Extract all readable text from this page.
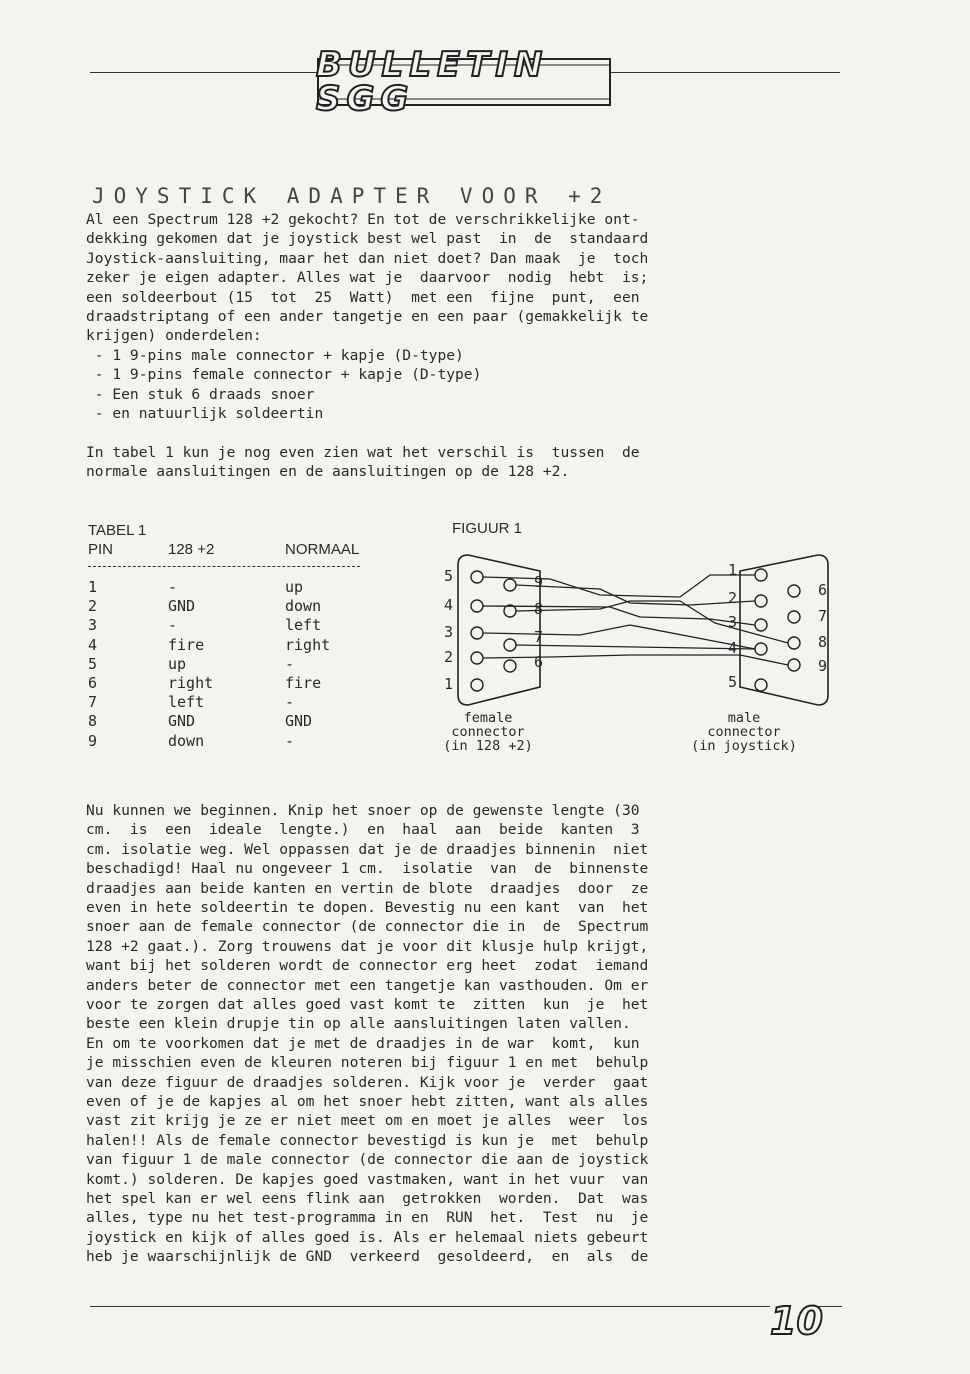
BULLETIN SGG
JOYSTICK ADAPTER VOOR +2

Al een Spectrum 128 +2 gekocht? En tot de verschrikkelijke ont-

dekking gekomen dat je joystick best wel past  in  de  standaard

Joystick-aansluiting, maar het dan niet doet? Dan maak  je  toch

zeker je eigen adapter. Alles wat je  daarvoor  nodig  hebt  is;

een soldeerbout (15  tot  25  Watt)  met een  fijne  punt,  een

draadstriptang of een ander tangetje en een paar (gemakkelijk te

krijgen) onderdelen:

- 1 9-pins male connector + kapje (D-type)

- 1 9-pins female connector + kapje (D-type)

- Een stuk 6 draads snoer

- en natuurlijk soldeertin

In tabel 1 kun je nog even zien wat het verschil is  tussen  de

normale aansluitingen en de aansluitingen op de 128 +2.

TABEL 1
PIN	128 +2	NORMAAL
1	-	up
2	GND	down
3	-	left
4	fire	right
5	up	-
6	right	fire
7	left	-
8	GND	GND
9	down	-
FIGUUR 1
5
4
3
2
1
9
8
7
6
1
2
3
4
5
6
7
8
9
female
connector
(in 128 +2)
male
connector
(in joystick)

Nu kunnen we beginnen. Knip het snoer op de gewenste lengte (30

cm.  is  een  ideale  lengte.)  en  haal  aan  beide  kanten  3

cm. isolatie weg. Wel oppassen dat je de draadjes binnenin  niet

beschadigd! Haal nu ongeveer 1 cm.  isolatie  van  de  binnenste

draadjes aan beide kanten en vertin de blote  draadjes  door  ze

even in hete soldeertin te dopen. Bevestig nu een kant  van  het

snoer aan de female connector (de connector die in  de  Spectrum

128 +2 gaat.). Zorg trouwens dat je voor dit klusje hulp krijgt,

want bij het solderen wordt de connector erg heet  zodat  iemand

anders beter de connector met een tangetje kan vasthouden. Om er

voor te zorgen dat alles goed vast komt te  zitten  kun  je  het

beste een klein drupje tin op alle aansluitingen laten vallen.

En om te voorkomen dat je met de draadjes in de war  komt,  kun

je misschien even de kleuren noteren bij figuur 1 en met  behulp

van deze figuur de draadjes solderen. Kijk voor je  verder  gaat

even of je de kapjes al om het snoer hebt zitten, want als alles

vast zit krijg je ze er niet meet om en moet je alles  weer  los

halen!! Als de female connector bevestigd is kun je  met  behulp

van figuur 1 de male connector (de connector die aan de joystick

komt.) solderen. De kapjes goed vastmaken, want in het vuur  van

het spel kan er wel eens flink aan  getrokken  worden.  Dat  was

alles, type nu het test-programma in en  RUN  het.  Test  nu  je

joystick en kijk of alles goed is. Als er helemaal niets gebeurt

heb je waarschijnlijk de GND  verkeerd  gesoldeerd,  en  als  de

10
